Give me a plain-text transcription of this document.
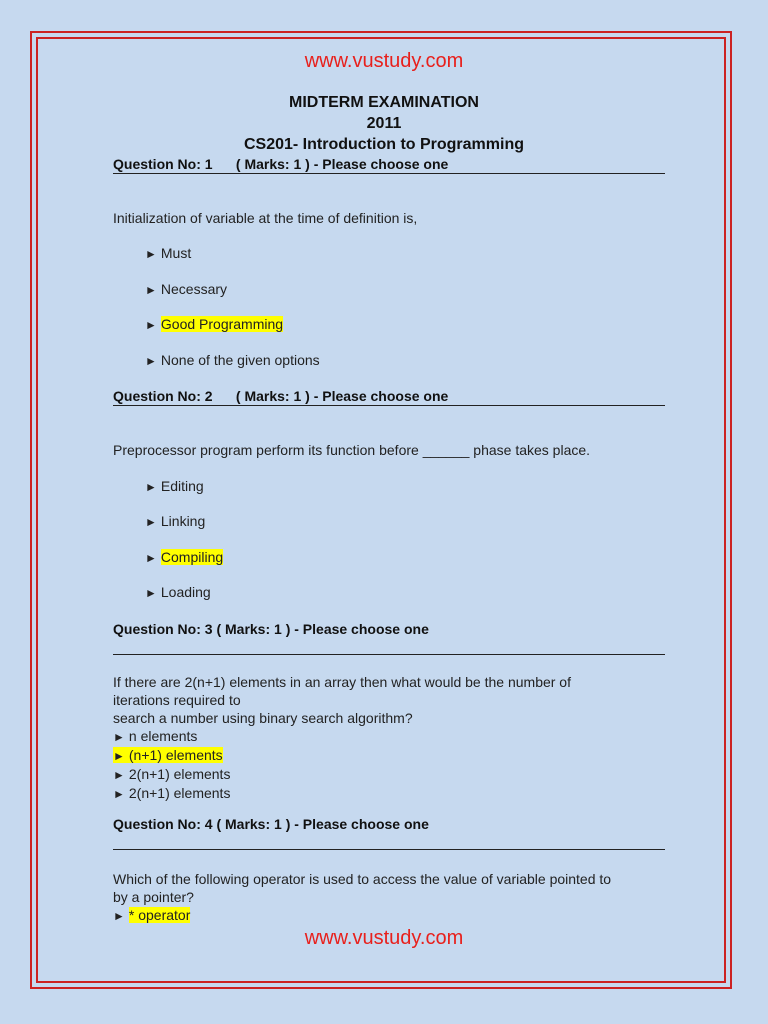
www.vustudy.com
MIDTERM EXAMINATION
2011
CS201- Introduction to Programming
Question No: 1      ( Marks: 1 ) - Please choose one
Initialization of variable at the time of definition is,
► Must
► Necessary
► Good Programming
► None of the given options
Question No: 2      ( Marks: 1 ) - Please choose one
Preprocessor program perform its function before ______ phase takes place.
► Editing
► Linking
► Compiling
► Loading
Question No: 3 ( Marks: 1 ) - Please choose one
If there are 2(n+1) elements in an array then what would be the number of
iterations required to
search a number using binary search algorithm?
► n elements
► (n+1) elements
► 2(n+1) elements
► 2(n+1) elements
Question No: 4 ( Marks: 1 ) - Please choose one
Which of the following operator is used to access the value of variable pointed to
by a pointer?
► * operator
www.vustudy.com
